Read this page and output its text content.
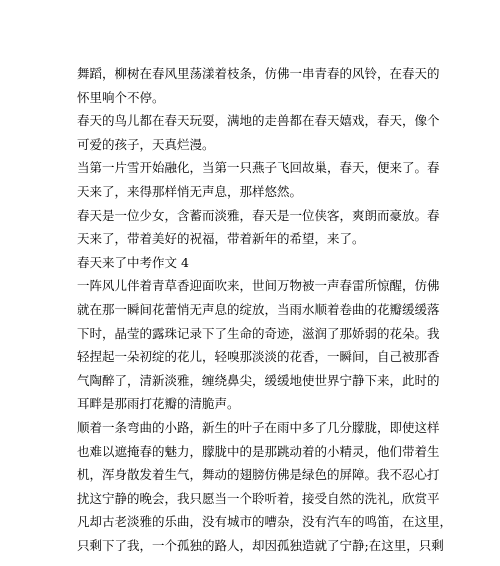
舞蹈，柳树在春风里荡漾着枝条，仿佛一串青春的风铃，在春天的
怀里响个不停。
春天的鸟儿都在春天玩耍，满地的走兽都在春天嬉戏，春天，像个
可爱的孩子，天真烂漫。
当第一片雪开始融化，当第一只燕子飞回故巢，春天，便来了。春
天来了，来得那样悄无声息，那样悠然。
春天是一位少女，含蓄而淡雅，春天是一位侠客，爽朗而豪放。春
天来了，带着美好的祝福，带着新年的希望，来了。
春天来了中考作文 4
一阵风儿伴着青草香迎面吹来，世间万物被一声春雷所惊醒，仿佛
就在那一瞬间花蕾悄无声息的绽放，当雨水顺着卷曲的花瓣缓缓落
下时，晶莹的露珠记录下了生命的奇迹，滋润了那娇弱的花朵。我
轻捏起一朵初绽的花儿，轻嗅那淡淡的花香，一瞬间，自己被那香
气陶醉了，清新淡雅，缠绕鼻尖，缓缓地使世界宁静下来，此时的
耳畔是那雨打花瓣的清脆声。
顺着一条弯曲的小路，新生的叶子在雨中多了几分朦胧，即使这样
也难以遮掩春的魅力，朦胧中的是那跳动着的小精灵，他们带着生
机，浑身散发着生气，舞动的翅膀仿佛是绿色的屏障。我不忍心打
扰这宁静的晚会，我只愿当一个聆听着，接受自然的洗礼，欣赏平
凡却古老淡雅的乐曲，没有城市的嘈杂，没有汽车的鸣笛，在这里，
只剩下了我，一个孤独的路人，却因孤独造就了宁静;在这里，只剩
